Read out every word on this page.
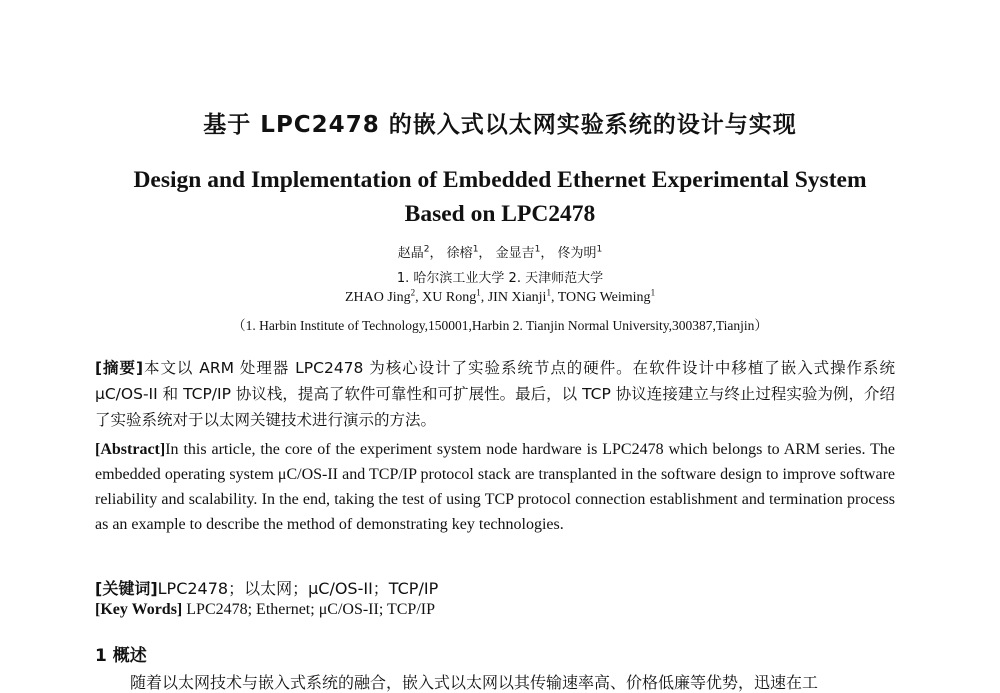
基于 LPC2478 的嵌入式以太网实验系统的设计与实现
Design and Implementation of Embedded Ethernet Experimental System
Based on LPC2478
赵晶$^2$， 徐榕$^1$， 金显吉$^1$， 佟为明$^1$
1. 哈尔滨工业大学 2. 天津师范大学
ZHAO Jing$^2$, XU Rong$^1$, JIN Xianji$^1$, TONG Weiming$^1$
（1. Harbin Institute of Technology,150001,Harbin 2. Tianjin Normal University,300387,Tianjin）
[摘要]本文以 ARM 处理器 LPC2478 为核心设计了实验系统节点的硬件。在软件设计中移植了嵌入式操作系统 μC/OS-II 和 TCP/IP 协议栈，提高了软件可靠性和可扩展性。最后，以 TCP 协议连接建立与终止过程实验为例，介绍了实验系统对于以太网关键技术进行演示的方法。
[Abstract]In this article, the core of the experiment system node hardware is LPC2478 which belongs to ARM series. The embedded operating system μC/OS-II and TCP/IP protocol stack are transplanted in the software design to improve software reliability and scalability. In the end, taking the test of using TCP protocol connection establishment and termination process as an example to describe the method of demonstrating key technologies.
[关键词]LPC2478；以太网；μC/OS-II；TCP/IP
[Key Words] LPC2478; Ethernet; μC/OS-II; TCP/IP
1 概述
随着以太网技术与嵌入式系统的融合，嵌入式以太网以其传输速率高、价格低廉等优势，迅速在工
